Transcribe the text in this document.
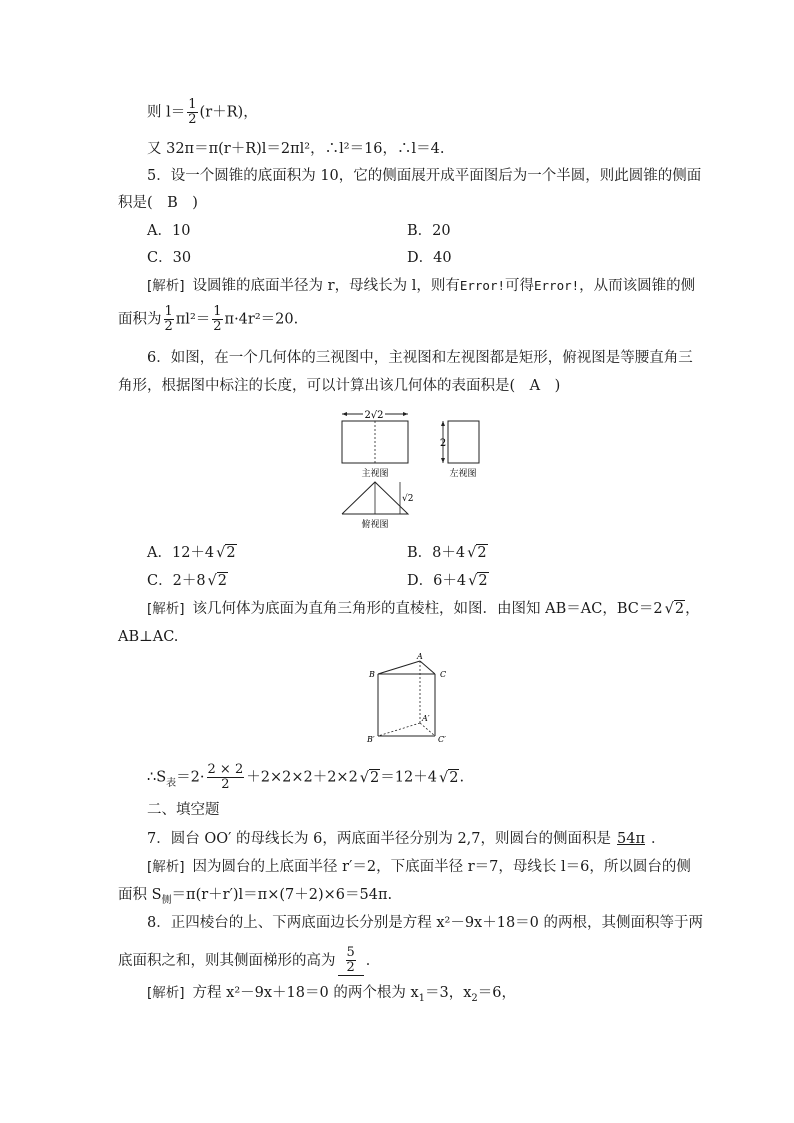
则 $l= \frac{1}{2} (r+R)$，
又 32π＝π(r＋R)l＝2πl²，∴l²＝16，∴l＝4.
5．设一个圆锥的底面积为 10，它的侧面展开成平面图后为一个半圆，则此圆锥的侧面
积是(　B　)
A．10	B．20
C．30	D．40
[解析] 设圆锥的底面半径为 r，母线长为 l，则有Error!可得Error!，从而该圆锥的侧
面积为 $\frac{1}{2} \pi l^2= \frac{1}{2} \pi\cdot 4r^2=20$.
6．如图，在一个几何体的三视图中，主视图和左视图都是矩形，俯视图是等腰直角三
角形，根据图中标注的长度，可以计算出该几何体的表面积是(　A　)
2√2
主视图
2
左视图
√2
俯视图
A．12＋4√ 2	B．8＋4√ 2
C．2＋8√ 2	D．6＋4√ 2
[解析] 该几何体为底面为直角三角形的直棱柱，如图．由图知 AB＝AC，BC＝2√ 2，
AB⊥AC.
A
B	C
A′
B′	C′
$\therefore S_表=2\cdot \frac{2 \times 2}{2} +2\times 2\times 2+2\times 2√$ 2＝12＋4√ 2.
二、填空题
7．圆台 OO′ 的母线长为 6，两底面半径分别为 2,7，则圆台的侧面积是 54π ．
[解析] 因为圆台的上底面半径 r′＝2，下底面半径 r＝7，母线长 l＝6，所以圆台的侧
面积 $S_侧=\pi(r+r')l=\pi\times(7+2)\times 6=54\pi$.
8．正四棱台的上、下两底面边长分别是方程 x²－9x＋18＝0 的两根，其侧面积等于两
底面积之和，则其侧面梯形的高为 $\frac{5}{2}$ ．
[解析] 方程 x²－9x＋18＝0 的两个根为 $x_1=3$，$x_2=6$，
